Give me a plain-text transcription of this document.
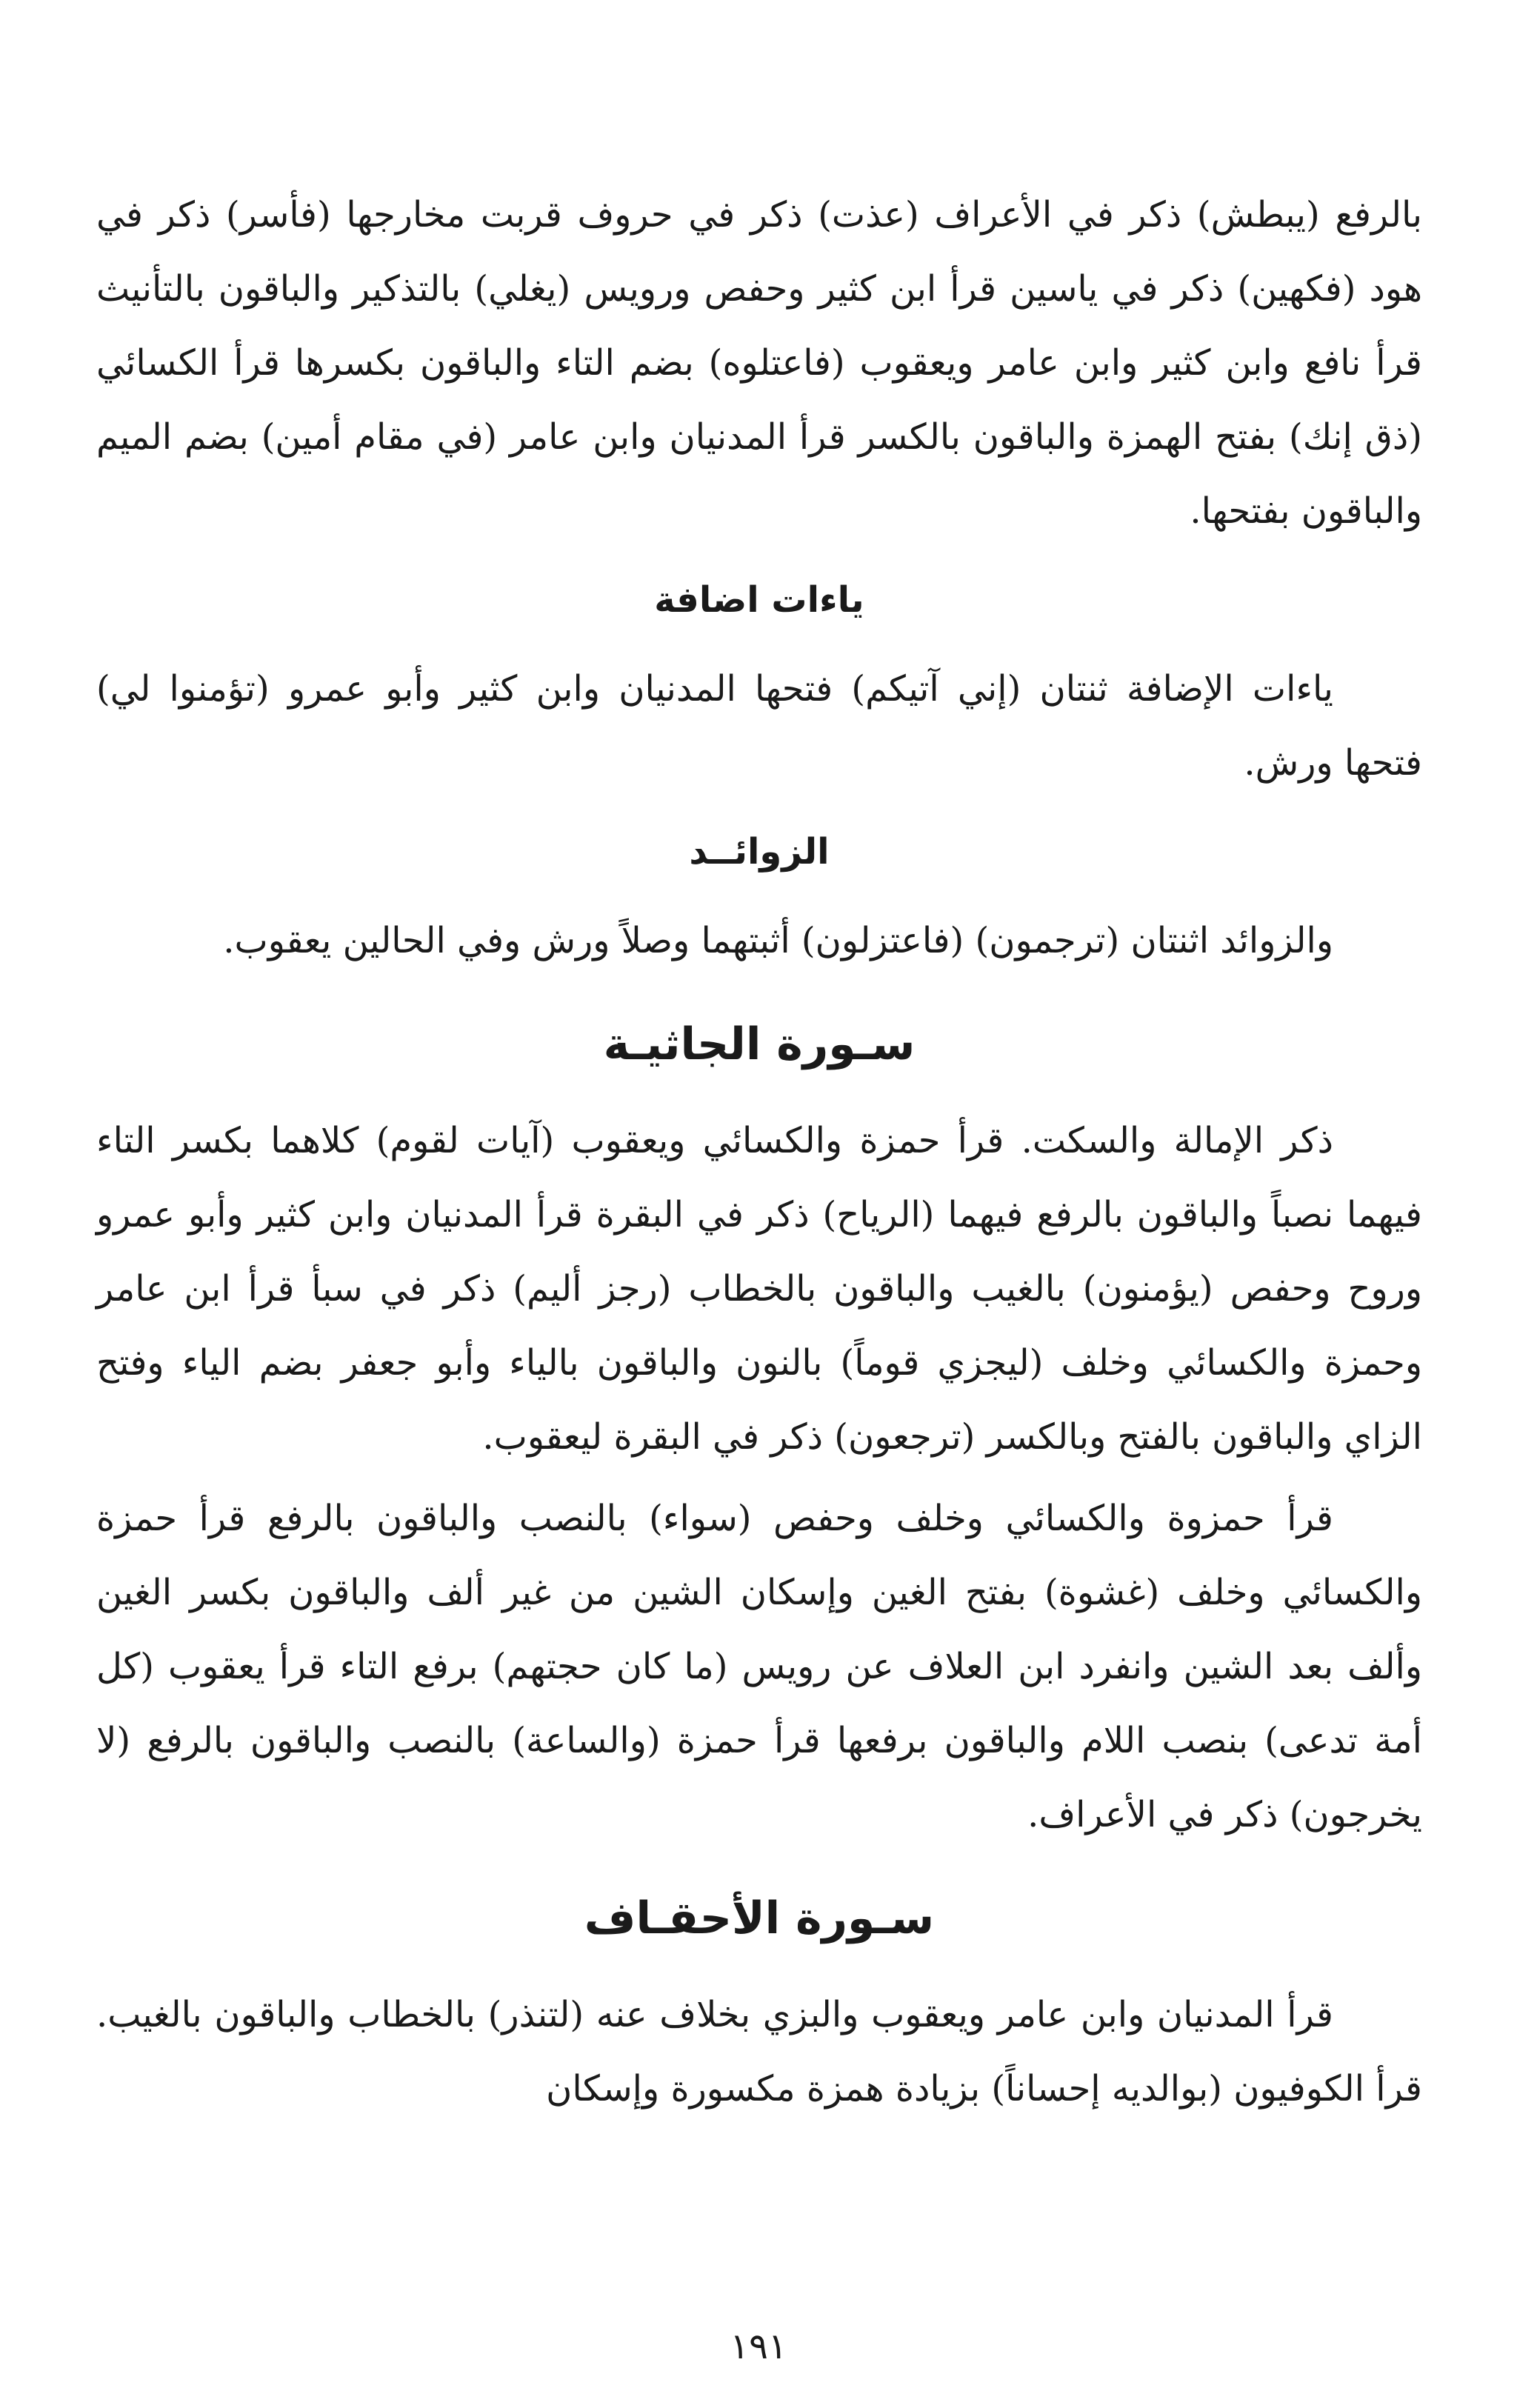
بالرفع (يبطش) ذكر في الأعراف (عذت) ذكر في حروف قربت مخارجها (فأسر) ذكر في هود (فكهين) ذكر في ياسين قرأ ابن كثير وحفص ورويس (يغلي) بالتذكير والباقون بالتأنيث قرأ نافع وابن كثير وابن عامر ويعقوب (فاعتلوه) بضم التاء والباقون بكسرها قرأ الكسائي (ذق إنك) بفتح الهمزة والباقون بالكسر قرأ المدنيان وابن عامر (في مقام أمين) بضم الميم والباقون بفتحها.

ياءات اضافة

ياءات الإضافة ثنتان (إني آتيكم) فتحها المدنيان وابن كثير وأبو عمرو (تؤمنوا لي) فتحها ورش.

الزوائــد

والزوائد اثنتان (ترجمون) (فاعتزلون) أثبتهما وصلاً ورش وفي الحالين يعقوب.

سـورة الجاثيـة

ذكر الإمالة والسكت. قرأ حمزة والكسائي ويعقوب (آيات لقوم) كلاهما بكسر التاء فيهما نصباً والباقون بالرفع فيهما (الرياح) ذكر في البقرة قرأ المدنيان وابن كثير وأبو عمرو وروح وحفص (يؤمنون) بالغيب والباقون بالخطاب (رجز أليم) ذكر في سبأ قرأ ابن عامر وحمزة والكسائي وخلف (ليجزي قوماً) بالنون والباقون بالياء وأبو جعفر بضم الياء وفتح الزاي والباقون بالفتح وبالكسر (ترجعون) ذكر في البقرة ليعقوب.

قرأ حمزوة والكسائي وخلف وحفص (سواء) بالنصب والباقون بالرفع قرأ حمزة والكسائي وخلف (غشوة) بفتح الغين وإسكان الشين من غير ألف والباقون بكسر الغين وألف بعد الشين وانفرد ابن العلاف عن رويس (ما كان حجتهم) برفع التاء قرأ يعقوب (كل أمة تدعى) بنصب اللام والباقون برفعها قرأ حمزة (والساعة) بالنصب والباقون بالرفع (لا يخرجون) ذكر في الأعراف.

سـورة الأحقـاف

قرأ المدنيان وابن عامر ويعقوب والبزي بخلاف عنه (لتنذر) بالخطاب والباقون بالغيب. قرأ الكوفيون (بوالديه إحساناً) بزيادة همزة مكسورة وإسكان

١٩١
